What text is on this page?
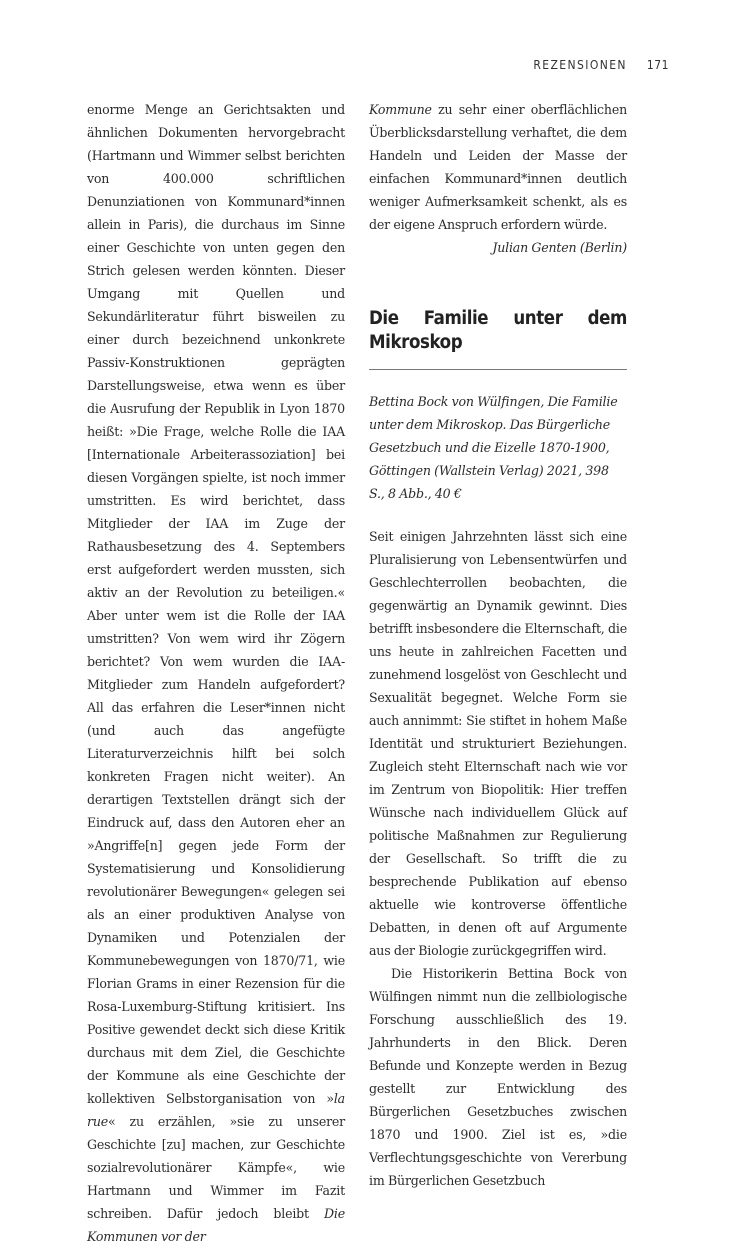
REZENSIONEN 171

enorme Menge an Gerichtsakten und ähnlichen Dokumenten hervorgebracht (Hartmann und Wimmer selbst berichten von 400.000 schriftlichen Denunziationen von Kommunard*innen allein in Paris), die durchaus im Sinne einer Geschichte von unten gegen den Strich gelesen werden könnten. Dieser Umgang mit Quellen und Sekundärliteratur führt bisweilen zu einer durch bezeichnend unkonkrete Passiv-Konstruktionen geprägten Darstellungsweise, etwa wenn es über die Ausrufung der Republik in Lyon 1870 heißt: »Die Frage, welche Rolle die IAA [Internationale Arbeiterassoziation] bei diesen Vorgängen spielte, ist noch immer umstritten. Es wird berichtet, dass Mitglieder der IAA im Zuge der Rathausbesetzung des 4. Septembers erst aufgefordert werden mussten, sich aktiv an der Revolution zu beteiligen.« Aber unter wem ist die Rolle der IAA umstritten? Von wem wird ihr Zögern berichtet? Von wem wurden die IAA-Mitglieder zum Handeln aufgefordert? All das erfahren die Leser*innen nicht (und auch das angefügte Literaturverzeichnis hilft bei solch konkreten Fragen nicht weiter). An derartigen Textstellen drängt sich der Eindruck auf, dass den Autoren eher an »Angriffe[n] gegen jede Form der Systematisierung und Konsolidierung revolutionärer Bewegungen« gelegen sei als an einer produktiven Analyse von Dynamiken und Potenzialen der Kommunebewegungen von 1870/71, wie Florian Grams in einer Rezension für die Rosa-Luxemburg-Stiftung kritisiert. Ins Positive gewendet deckt sich diese Kritik durchaus mit dem Ziel, die Geschichte der Kommune als eine Geschichte der kollektiven Selbstorganisation von »la rue« zu erzählen, »sie zu unserer Geschichte [zu] machen, zur Geschichte sozialrevolutionärer Kämpfe«, wie Hartmann und Wimmer im Fazit schreiben. Dafür jedoch bleibt Die Kommunen vor der

Kommune zu sehr einer oberflächlichen Überblicksdarstellung verhaftet, die dem Handeln und Leiden der Masse der einfachen Kommunard*innen deutlich weniger Aufmerksamkeit schenkt, als es der eigene Anspruch erfordern würde.

Julian Genten (Berlin)
Die Familie unter dem Mikroskop

Bettina Bock von Wülfingen, Die Familie unter dem Mikroskop. Das Bürgerliche Gesetzbuch und die Eizelle 1870-1900, Göttingen (Wallstein Verlag) 2021, 398 S., 8 Abb., 40 €

Seit einigen Jahrzehnten lässt sich eine Pluralisierung von Lebensentwürfen und Geschlechterrollen beobachten, die gegenwärtig an Dynamik gewinnt. Dies betrifft insbesondere die Elternschaft, die uns heute in zahlreichen Facetten und zunehmend losgelöst von Geschlecht und Sexualität begegnet. Welche Form sie auch annimmt: Sie stiftet in hohem Maße Identität und strukturiert Beziehungen. Zugleich steht Elternschaft nach wie vor im Zentrum von Biopolitik: Hier treffen Wünsche nach individuellem Glück auf politische Maßnahmen zur Regulierung der Gesellschaft. So trifft die zu besprechende Publikation auf ebenso aktuelle wie kontroverse öffentliche Debatten, in denen oft auf Argumente aus der Biologie zurückgegriffen wird.

Die Historikerin Bettina Bock von Wülfingen nimmt nun die zellbiologische Forschung ausschließlich des 19. Jahrhunderts in den Blick. Deren Befunde und Konzepte werden in Bezug gestellt zur Entwicklung des Bürgerlichen Gesetzbuches zwischen 1870 und 1900. Ziel ist es, »die Verflechtungsgeschichte von Vererbung im Bürgerlichen Gesetzbuch
